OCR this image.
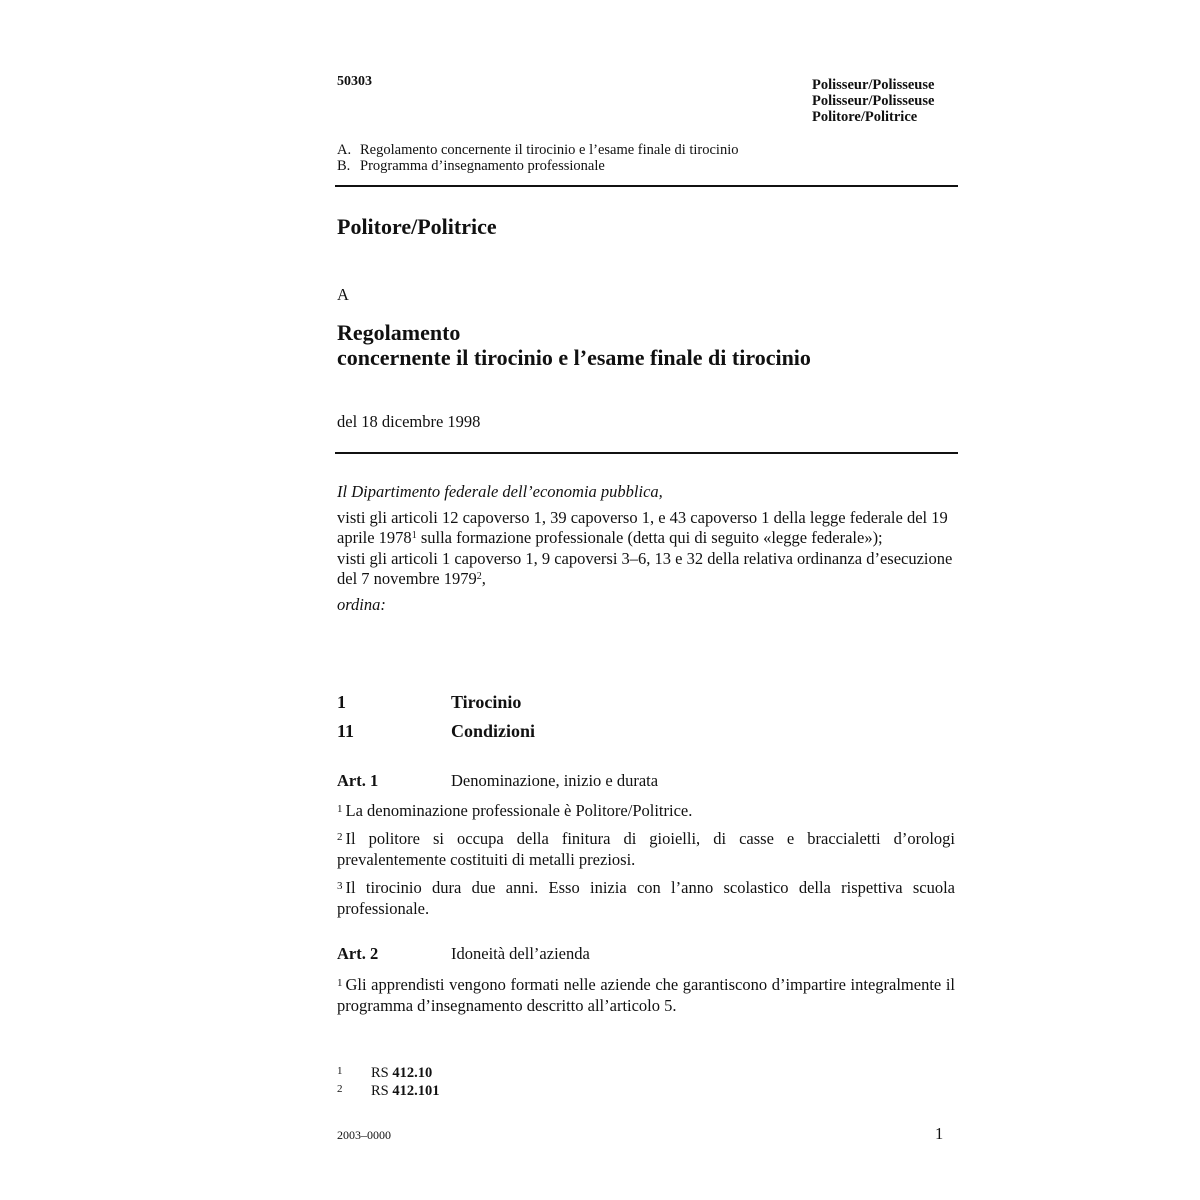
50303	Polisseur/Polisseuse
Polisseur/Polisseuse
Politore/Politrice
A. Regolamento concernente il tirocinio e l’esame finale di tirocinio
B. Programma d’insegnamento professionale
Politore/Politrice
A
Regolamento
concernente il tirocinio e l’esame finale di tirocinio
del 18 dicembre 1998

Il Dipartimento federale dell’economia pubblica,

visti gli articoli 12 capoverso 1, 39 capoverso 1, e 43 capoverso 1 della legge federale del 19 aprile 1978$^1$ sulla formazione professionale (detta qui di seguito «legge federale»);

visti gli articoli 1 capoverso 1, 9 capoversi 3–6, 13 e 32 della relativa ordinanza d’esecuzione del 7 novembre 1979$^2$,

ordina:

1	Tirocinio
11	Condizioni
Art. 1	Denominazione, inizio e durata
$^1$ La denominazione professionale è Politore/Politrice.
$^2$ Il politore si occupa della finitura di gioielli, di casse e braccialetti d’orologi prevalentemente costituiti di metalli preziosi.
$^3$ Il tirocinio dura due anni. Esso inizia con l’anno scolastico della rispettiva scuola professionale.
Art. 2	Idoneità dell’azienda
$^1$ Gli apprendisti vengono formati nelle aziende che garantiscono d’impartire integralmente il programma d’insegnamento descritto all’articolo 5.
1 RS 412.10
2 RS 412.101
2003–0000	1
